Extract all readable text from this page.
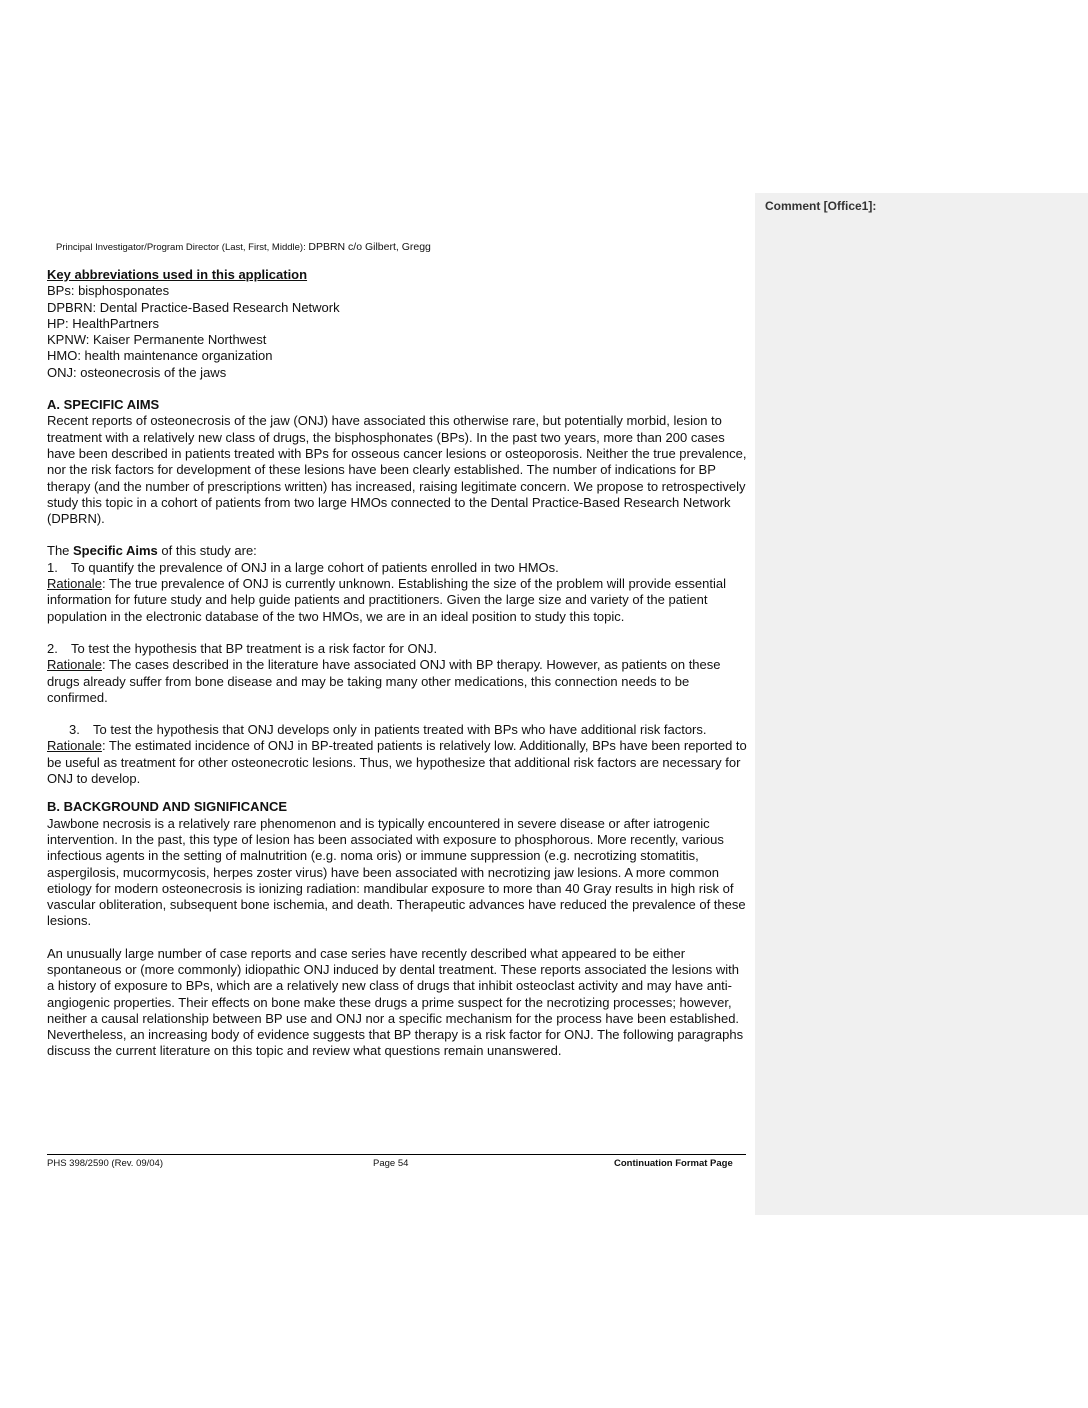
Comment [Office1]:
Principal Investigator/Program Director (Last, First, Middle): DPBRN c/o Gilbert, Gregg

Key abbreviations used in this application

BPs: bisphosponates

DPBRN: Dental Practice-Based Research Network

HP: HealthPartners

KPNW: Kaiser Permanente Northwest

HMO: health maintenance organization

ONJ: osteonecrosis of the jaws

A. SPECIFIC AIMS

Recent reports of osteonecrosis of the jaw (ONJ) have associated this otherwise rare, but potentially morbid, lesion to treatment with a relatively new class of drugs, the bisphosphonates (BPs). In the past two years, more than 200 cases have been described in patients treated with BPs for osseous cancer lesions or osteoporosis. Neither the true prevalence, nor the risk factors for development of these lesions have been clearly established. The number of indications for BP therapy (and the number of prescriptions written) has increased, raising legitimate concern. We propose to retrospectively study this topic in a cohort of patients from two large HMOs connected to the Dental Practice-Based Research Network (DPBRN).

The Specific Aims of this study are:

1. To quantify the prevalence of ONJ in a large cohort of patients enrolled in two HMOs.

Rationale: The true prevalence of ONJ is currently unknown. Establishing the size of the problem will provide essential information for future study and help guide patients and practitioners. Given the large size and variety of the patient population in the electronic database of the two HMOs, we are in an ideal position to study this topic.

2. To test the hypothesis that BP treatment is a risk factor for ONJ.

Rationale: The cases described in the literature have associated ONJ with BP therapy. However, as patients on these drugs already suffer from bone disease and may be taking many other medications, this connection needs to be confirmed.

3.	To test the hypothesis that ONJ develops only in patients treated with BPs who have additional risk factors.

Rationale: The estimated incidence of ONJ in BP-treated patients is relatively low. Additionally, BPs have been reported to be useful as treatment for other osteonecrotic lesions. Thus, we hypothesize that additional risk factors are necessary for ONJ to develop.

B. BACKGROUND AND SIGNIFICANCE

Jawbone necrosis is a relatively rare phenomenon and is typically encountered in severe disease or after iatrogenic intervention. In the past, this type of lesion has been associated with exposure to phosphorous. More recently, various infectious agents in the setting of malnutrition (e.g. noma oris) or immune suppression (e.g. necrotizing stomatitis, aspergilosis, mucormycosis, herpes zoster virus) have been associated with necrotizing jaw lesions. A more common etiology for modern osteonecrosis is ionizing radiation: mandibular exposure to more than 40 Gray results in high risk of vascular obliteration, subsequent bone ischemia, and death. Therapeutic advances have reduced the prevalence of these lesions.

An unusually large number of case reports and case series have recently described what appeared to be either spontaneous or (more commonly) idiopathic ONJ induced by dental treatment. These reports associated the lesions with a history of exposure to BPs, which are a relatively new class of drugs that inhibit osteoclast activity and may have anti-angiogenic properties. Their effects on bone make these drugs a prime suspect for the necrotizing processes; however, neither a causal relationship between BP use and ONJ nor a specific mechanism for the process have been established. Nevertheless, an increasing body of evidence suggests that BP therapy is a risk factor for ONJ. The following paragraphs discuss the current literature on this topic and review what questions remain unanswered.

PHS 398/2590 (Rev. 09/04)	Page 54	Continuation Format Page
